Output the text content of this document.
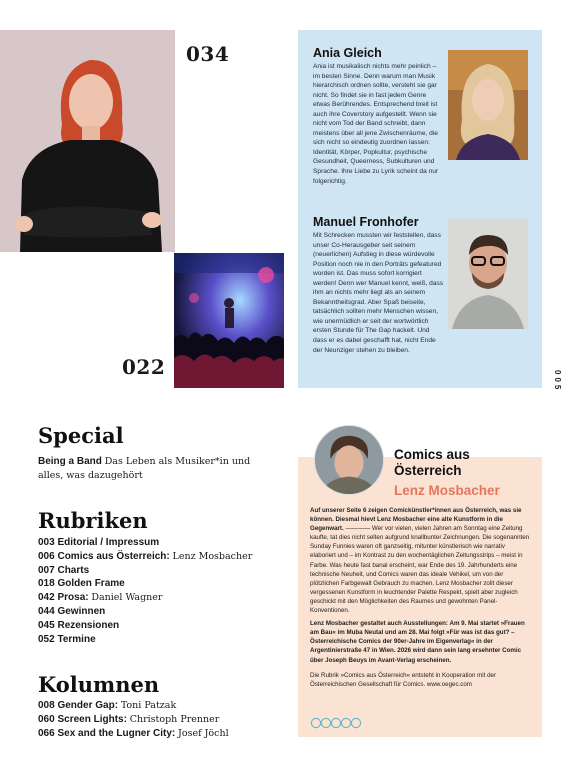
034
022
Ania Gleich
Ania ist musikalisch nichts mehr peinlich – im besten Sinne. Denn warum man Musik hierarchisch ordnen sollte, versteht sie gar nicht. So findet sie in fast jedem Genre etwas Berührendes. Entsprechend breit ist auch ihre Coverstory aufgestellt. Wenn sie nicht vom Tod der Band schreibt, dann meistens über all jene Zwischenräume, die sich nicht so eindeutig zuordnen lassen: Identität, Körper, Popkultur, psychische Gesundheit, Queerness, Subkulturen und Sprache. Ihre Liebe zu Lyrik scheint da nur folgerichtig.
Manuel Fronhofer
Mit Schrecken mussten wir feststellen, dass unser Co-Herausgeber seit seinem (neuerlichen) Aufstieg in diese würdevolle Position noch nie in den Porträts gefeatured worden ist. Das muss sofort korrigiert werden! Denn wer Manuel kennt, weiß, dass ihm an nichts mehr liegt als an seinem Bekanntheitsgrad. Aber Spaß beiseite, tatsächlich sollten mehr Menschen wissen, wie unermüdlich er seit der wortwörtlich ersten Stunde für The Gap hackelt. Und dass er es dabei geschafft hat, nicht Ende der Neunziger stehen zu bleiben.
005
Special
Being a Band Das Leben als Musiker*in und alles, was dazugehört
Rubriken
003 Editorial / Impressum
006 Comics aus Österreich: Lenz Mosbacher
007 Charts
018 Golden Frame
042 Prosa: Daniel Wagner
044 Gewinnen
045 Rezensionen
052 Termine
Kolumnen
008 Gender Gap: Toni Patzak
060 Screen Lights: Christoph Prenner
066 Sex and the Lugner City: Josef Jöchl
Comics aus
Österreich
Lenz Mosbacher

Auf unserer Seite 6 zeigen Comickünstler*innen aus Österreich, was sie können. Diesmal hievt Lenz Mosbacher eine alte Kunstform in die Gegenwart. ———— Wer vor vielen, vielen Jahren am Sonntag eine Zeitung kaufte, tat dies nicht selten aufgrund knallbunter Zeichnungen. Die sogenannten Sunday Funnies waren oft ganzseitig, mitunter künstlerisch wie narrativ elaboriert und – im Kontrast zu den wochentäglichen Zeitungsstrips – meist in Farbe. Was heute fast banal erscheint, war Ende des 19. Jahrhunderts eine technische Neuheit, und Comics waren das ideale Vehikel, um von der plötzlichen Farbgewalt Gebrauch zu machen. Lenz Mosbacher zollt dieser vergessenen Kunstform in leuchtender Palette Respekt, spielt aber zugleich geschickt mit den Möglichkeiten des Raumes und gewohnten Panel-Konventionen.

Lenz Mosbacher gestaltet auch Ausstellungen: Am 9. Mai startet »Frauen am Bau« im Muba Neutal und am 28. Mai folgt »Für was ist das gut? – Österreichische Comics der 90er-Jahre im Eigenverlag« in der Argentinierstraße 47 in Wien. 2026 wird dann sein lang ersehnter Comic über Joseph Beuys im Avant-Verlag erscheinen.

Die Rubrik »Comics aus Österreich« entsteht in Kooperation mit der Österreichischen Gesellschaft für Comics. www.oegec.com
